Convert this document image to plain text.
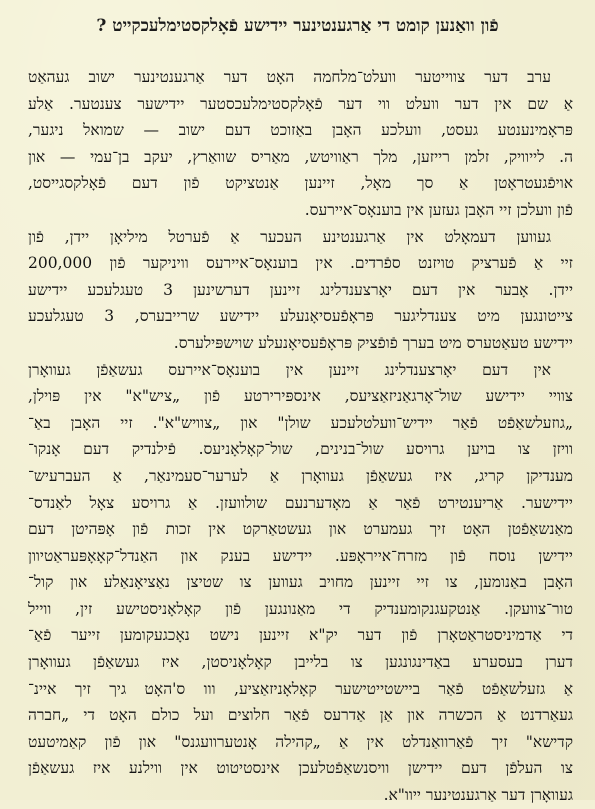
פֿון וואַנען קומט די אַרגענטינער יידישע פֿאָלקסטימלעכקייט ?
ערב דער צווייטער וועלט־מלחמה האָט דער אַרגענטינער ישוב געהאַט
אַ שם אין דער וועלט ווי דער פֿאָלקסטימלעכסטער יידישער צענטער. אַלע
פּראָמינענטע געסט, וועלכע האָבן באַזוכט דעם ישוב — שמואל ניגער,
ה. לייוויק, זלמן רייזען, מלך ראַוויטש, מאַריס שוואַרץ, יעקב בן־עמי — און
אויפֿגעטראָטן אַ סך מאָל, זיינען אַנטציקט פֿון דעם פֿאָלקסגייסט,
פֿון וועלכן זיי האָבן געזען אין בוענאָס־איירעס.
געווען דעמאָלט אין אַרגענטינע העכער אַ פֿערטל מיליאָן יידן, פֿון
זיי אַ פֿערציק טויזנט ספֿרדים. אין בוענאָס־איירעס וויניקער פֿון 200,000
יידן. אָבער אין דעם יאָרצענדלינג זיינען דערשינען 3 טעגלעכע יידישע
צייטונגען מיט צענדליגער פּראָפֿעסיאָנעלע יידישע שרייבערס, 3 טעגלעכע
יידישע טעאַטערס מיט בערך פֿופֿציק פּראָפֿעסיאָנעלע שוישפּילערס.
אין דעם יאָרצענדלינג זיינען אין בוענאָס־איירעס געשאַפֿן געוואָרן
צוויי יידישע שול־אָרגאַניזאַציעס, אינספּירירטע פֿון „ציש"א" אין פּוילן,
„גוזעלשאַפֿט פֿאַר יידיש־וועלטלעכע שולן" און „צוויש"א". זיי האָבן באַ־
וויזן צו בויען גרויסע שול־בנינים, שול־קאָלאָניעס. פֿילנדיק דעם אָנקו־
מענדיקן קריג, איז געשאַפֿן געוואָרן אַ לערער־סעמינאַר, אַ העברעיש־
יידישער. אַריענטירט פֿאַר אַ מאָדערנעם שולוועזן. אַ גרויסע צאָל לאַנדס־
מאַנשאַפֿטן האָט זיך געמערט און געשטאַרקט אין זכות פֿון אָפּהיטן דעם
יידישן נוסח פֿון מזרח־אייראָפּע. יידישע בענק און האַנדל־קאָאָפּעראַטיוון
האָבן באַנומען, צו זיי זיינען מחויב געווען צו שטיצן נאַציאָנאַלע און קול־
טור־צוועקן. אַנטקעגנקומענדיק די מאַנונגען פֿון קאָלאָניסטישע זין, ווייל
די אַדמיניסטראַטאָרן פֿון דער יק"א זיינען נישט נאָכגעקומען זייער פֿאַ־
דערן בעסערע באַדינגונגען צו בלייבן קאָלאָניסטן, איז געשאַפֿן געוואָרן
אַ גזעלשאַפֿט פֿאַר ביישטייטישער קאָלאָניזאַציע, ווו ס'האָט גיך זיך איינ־
געאַרדנט אַ הכשרה און אַן אַדרעס פֿאַר חלוצים ועל כולם האָט די „חברה
קדישא" זיך פֿאַרוואַנדלט אין אַ „קהילה אָנטערוועגנס" און פֿון קאַמיטעט
צו העלפֿן דעם יידישן וויסנשאַפֿטלעכן אינסטיטוט אין ווילנע איז געשאַפֿן
געוואָרן דער אַרגענטינער ייוו"א.
